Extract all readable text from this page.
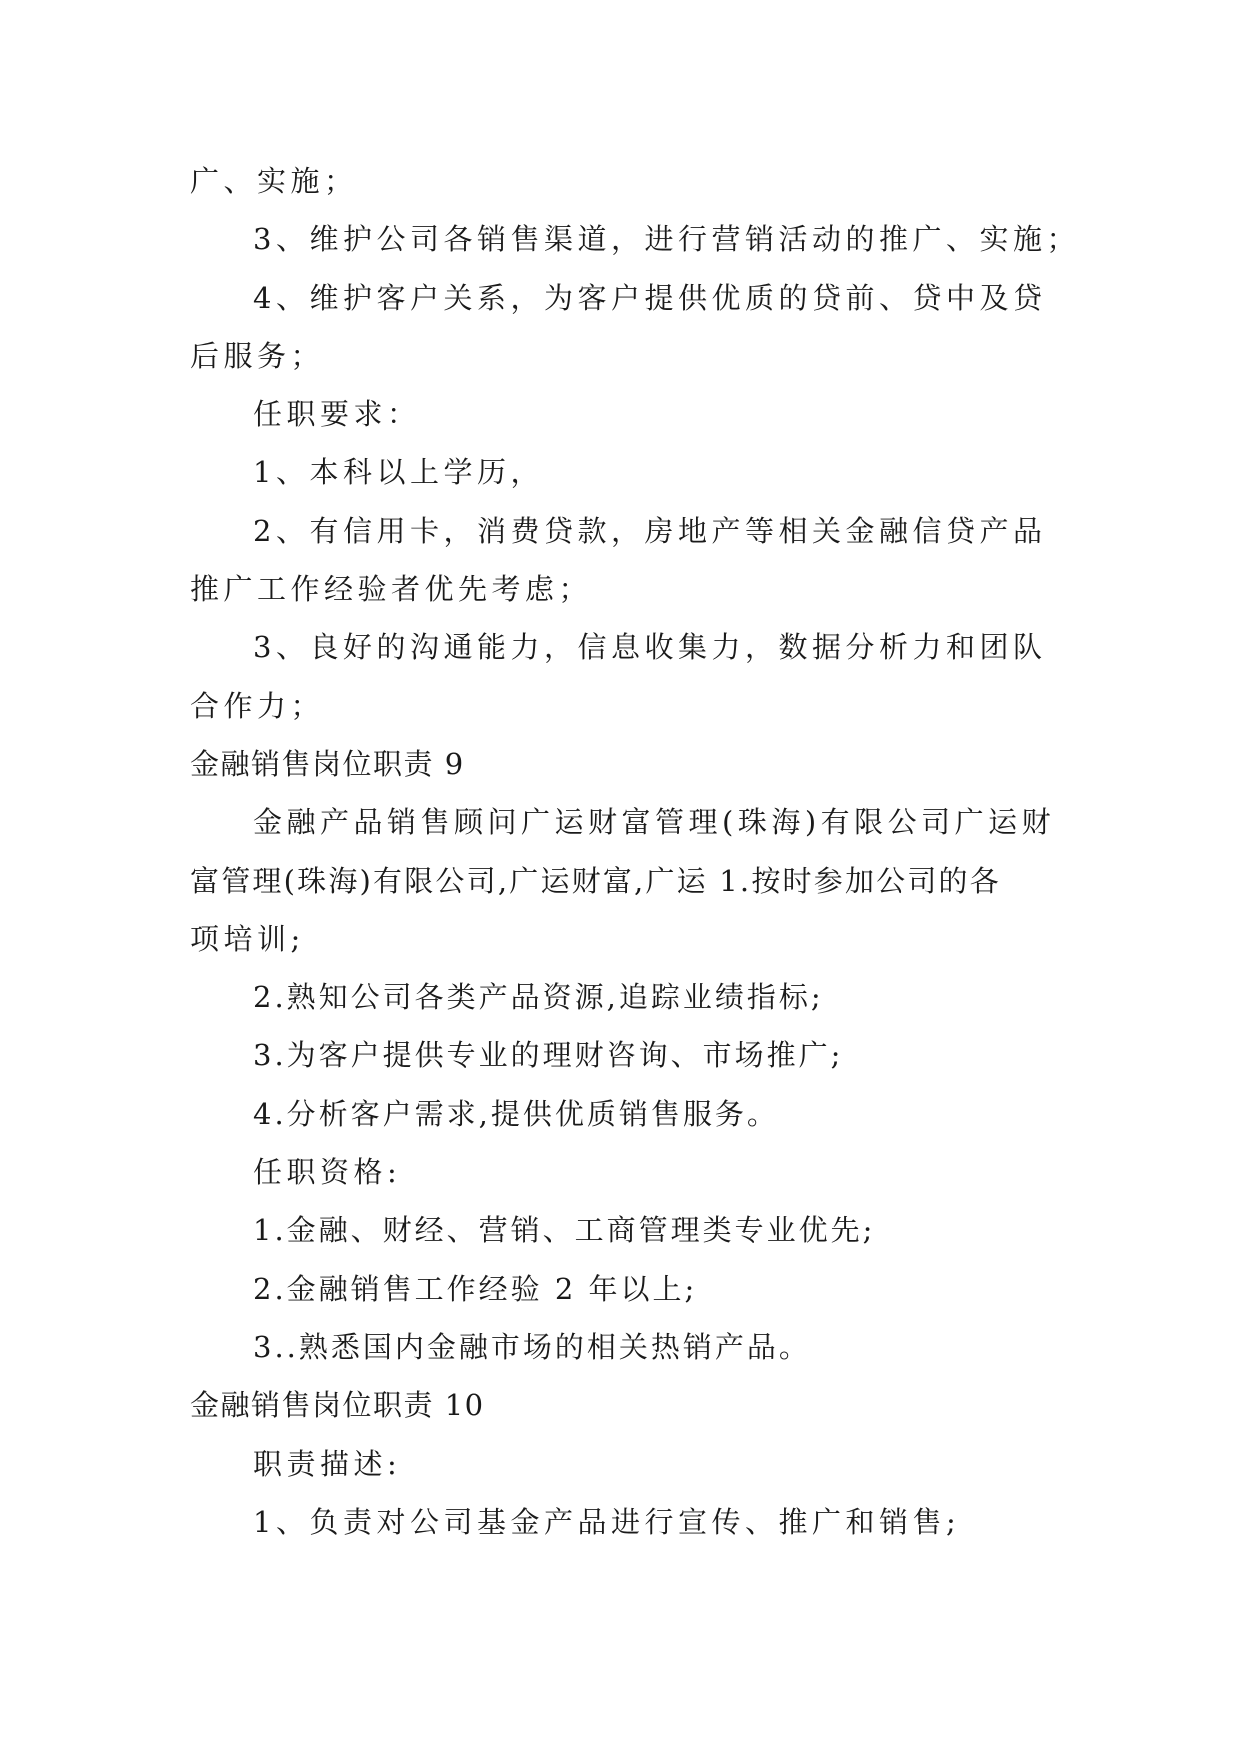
广、实施；
3、维护公司各销售渠道，进行营销活动的推广、实施；
4、维护客户关系，为客户提供优质的贷前、贷中及贷
后服务；
任职要求：
1、本科以上学历，
2、有信用卡，消费贷款，房地产等相关金融信贷产品
推广工作经验者优先考虑；
3、良好的沟通能力，信息收集力，数据分析力和团队
合作力；
金融销售岗位职责 9
金融产品销售顾问广运财富管理(珠海)有限公司广运财
富管理(珠海)有限公司,广运财富,广运 1.按时参加公司的各
项培训;
2.熟知公司各类产品资源,追踪业绩指标;
3.为客户提供专业的理财咨询、市场推广;
4.分析客户需求,提供优质销售服务。
任职资格:
1.金融、财经、营销、工商管理类专业优先;
2.金融销售工作经验 2 年以上;
3..熟悉国内金融市场的相关热销产品。
金融销售岗位职责 10
职责描述:
1、负责对公司基金产品进行宣传、推广和销售;
